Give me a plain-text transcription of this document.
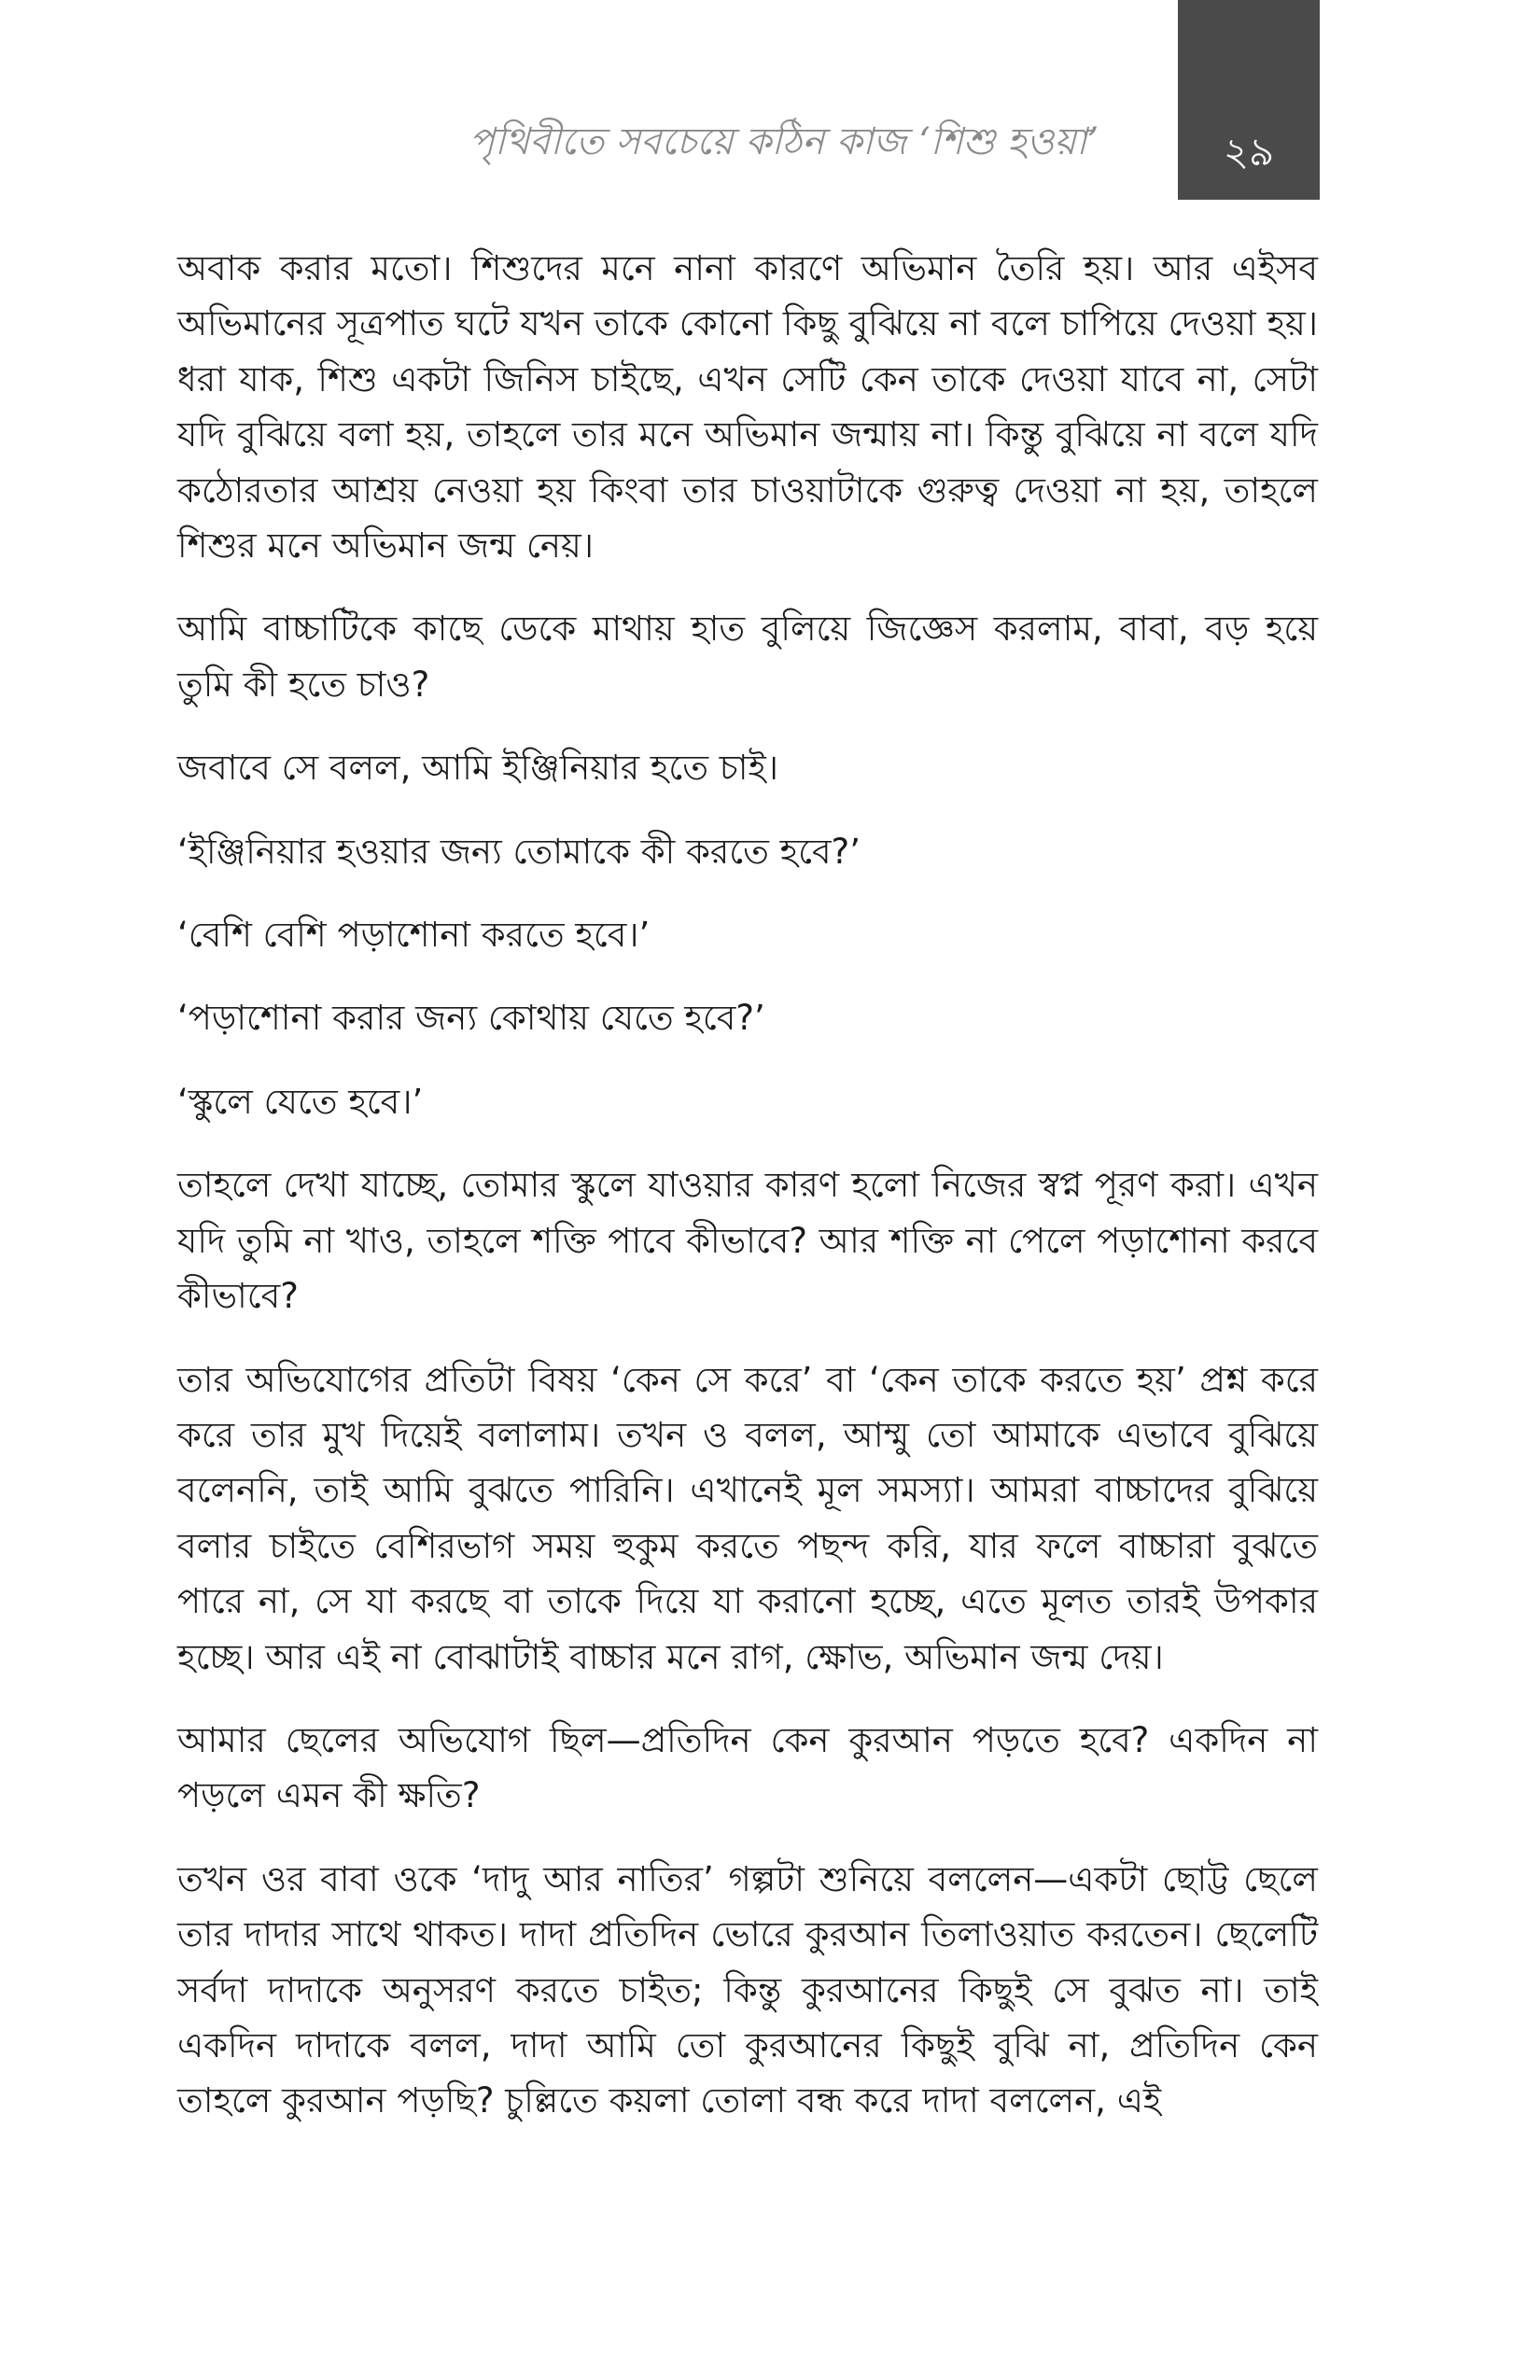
পৃথিবীতে সবচেয়ে কঠিন কাজ ‘শিশু হওয়া’	২৯

অবাক করার মতো। শিশুদের মনে নানা কারণে অভিমান তৈরি হয়। আর এইসব অভিমানের সূত্রপাত ঘটে যখন তাকে কোনো কিছু বুঝিয়ে না বলে চাপিয়ে দেওয়া হয়। ধরা যাক, শিশু একটা জিনিস চাইছে, এখন সেটি কেন তাকে দেওয়া যাবে না, সেটা যদি বুঝিয়ে বলা হয়, তাহলে তার মনে অভিমান জন্মায় না। কিন্তু বুঝিয়ে না বলে যদি কঠোরতার আশ্রয় নেওয়া হয় কিংবা তার চাওয়াটাকে গুরুত্ব দেওয়া না হয়, তাহলে শিশুর মনে অভিমান জন্ম নেয়।

আমি বাচ্চাটিকে কাছে ডেকে মাথায় হাত বুলিয়ে জিজ্ঞেস করলাম, বাবা, বড় হয়ে তুমি কী হতে চাও?

জবাবে সে বলল, আমি ইঞ্জিনিয়ার হতে চাই।

‘ইঞ্জিনিয়ার হওয়ার জন্য তোমাকে কী করতে হবে?’

‘বেশি বেশি পড়াশোনা করতে হবে।’

‘পড়াশোনা করার জন্য কোথায় যেতে হবে?’

‘স্কুলে যেতে হবে।’

তাহলে দেখা যাচ্ছে, তোমার স্কুলে যাওয়ার কারণ হলো নিজের স্বপ্ন পূরণ করা। এখন যদি তুমি না খাও, তাহলে শক্তি পাবে কীভাবে? আর শক্তি না পেলে পড়াশোনা করবে কীভাবে?

তার অভিযোগের প্রতিটা বিষয় ‘কেন সে করে’ বা ‘কেন তাকে করতে হয়’ প্রশ্ন করে করে তার মুখ দিয়েই বলালাম। তখন ও বলল, আম্মু তো আমাকে এভাবে বুঝিয়ে বলেননি, তাই আমি বুঝতে পারিনি। এখানেই মূল সমস্যা। আমরা বাচ্চাদের বুঝিয়ে বলার চাইতে বেশিরভাগ সময় হুকুম করতে পছন্দ করি, যার ফলে বাচ্চারা বুঝতে পারে না, সে যা করছে বা তাকে দিয়ে যা করানো হচ্ছে, এতে মূলত তারই উপকার হচ্ছে। আর এই না বোঝাটাই বাচ্চার মনে রাগ, ক্ষোভ, অভিমান জন্ম দেয়।

আমার ছেলের অভিযোগ ছিল—প্রতিদিন কেন কুরআন পড়তে হবে? একদিন না পড়লে এমন কী ক্ষতি?

তখন ওর বাবা ওকে ‘দাদু আর নাতির’ গল্পটা শুনিয়ে বললেন—একটা ছোট্ট ছেলে তার দাদার সাথে থাকত। দাদা প্রতিদিন ভোরে কুরআন তিলাওয়াত করতেন। ছেলেটি সর্বদা দাদাকে অনুসরণ করতে চাইত; কিন্তু কুরআনের কিছুই সে বুঝত না। তাই একদিন দাদাকে বলল, দাদা আমি তো কুরআনের কিছুই বুঝি না, প্রতিদিন কেন তাহলে কুরআন পড়ছি? চুল্লিতে কয়লা তোলা বন্ধ করে দাদা বললেন, এই
